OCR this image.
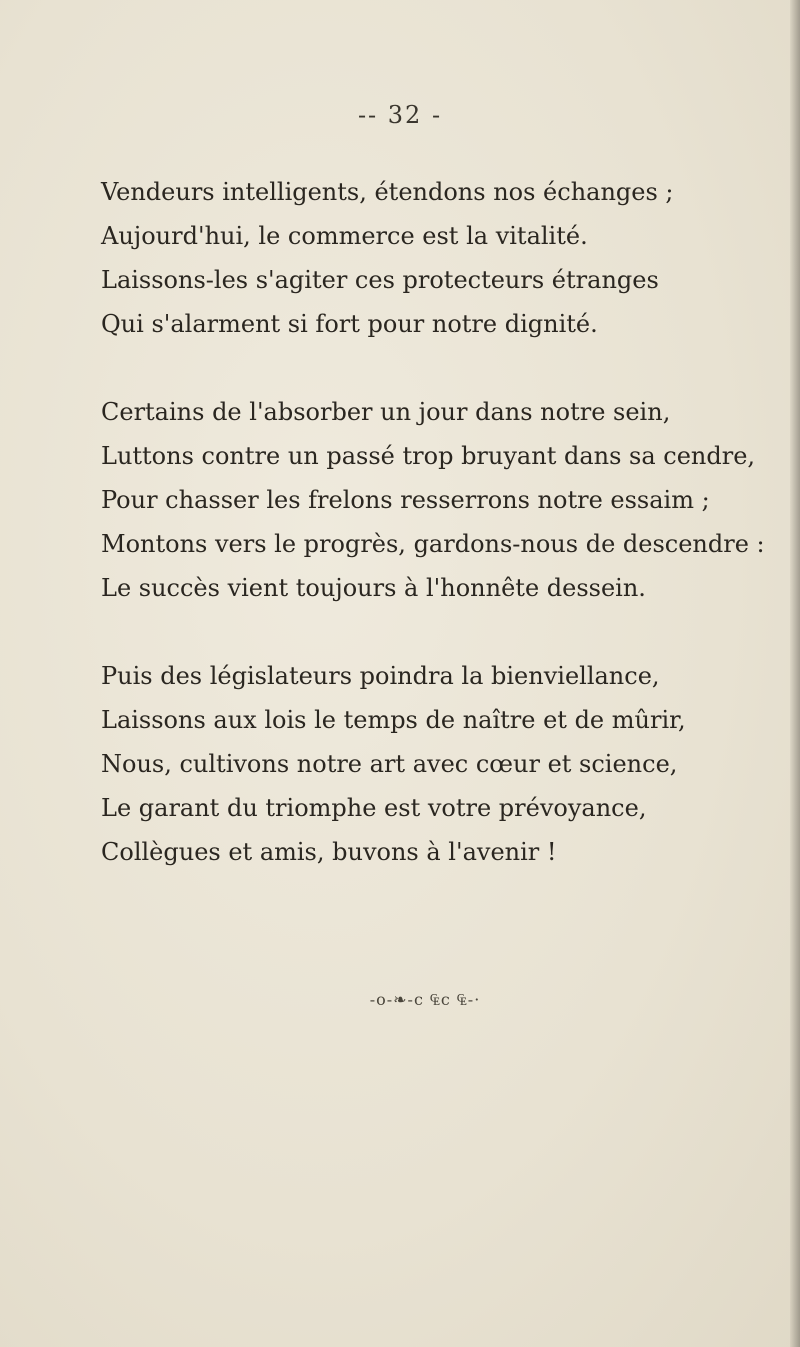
-- 32 -
Vendeurs intelligents, étendons nos échanges ;
Aujourd'hui, le commerce est la vitalité.
Laissons-les s'agiter ces protecteurs étranges
Qui s'alarment si fort pour notre dignité.
Certains de l'absorber un jour dans notre sein,
Luttons contre un passé trop bruyant dans sa cendre,
Pour chasser les frelons resserrons notre essaim ;
Montons vers le progrès, gardons-nous de descendre :
Le succès vient toujours à l'honnête dessein.
Puis des législateurs poindra la bienviellance,
Laissons aux lois le temps de naître et de mûrir,
Nous, cultivons notre art avec cœur et science,
Le garant du triomphe est votre prévoyance,
Collègues et amis, buvons à l'avenir !
-o-❧-c ₠c ₠-·
